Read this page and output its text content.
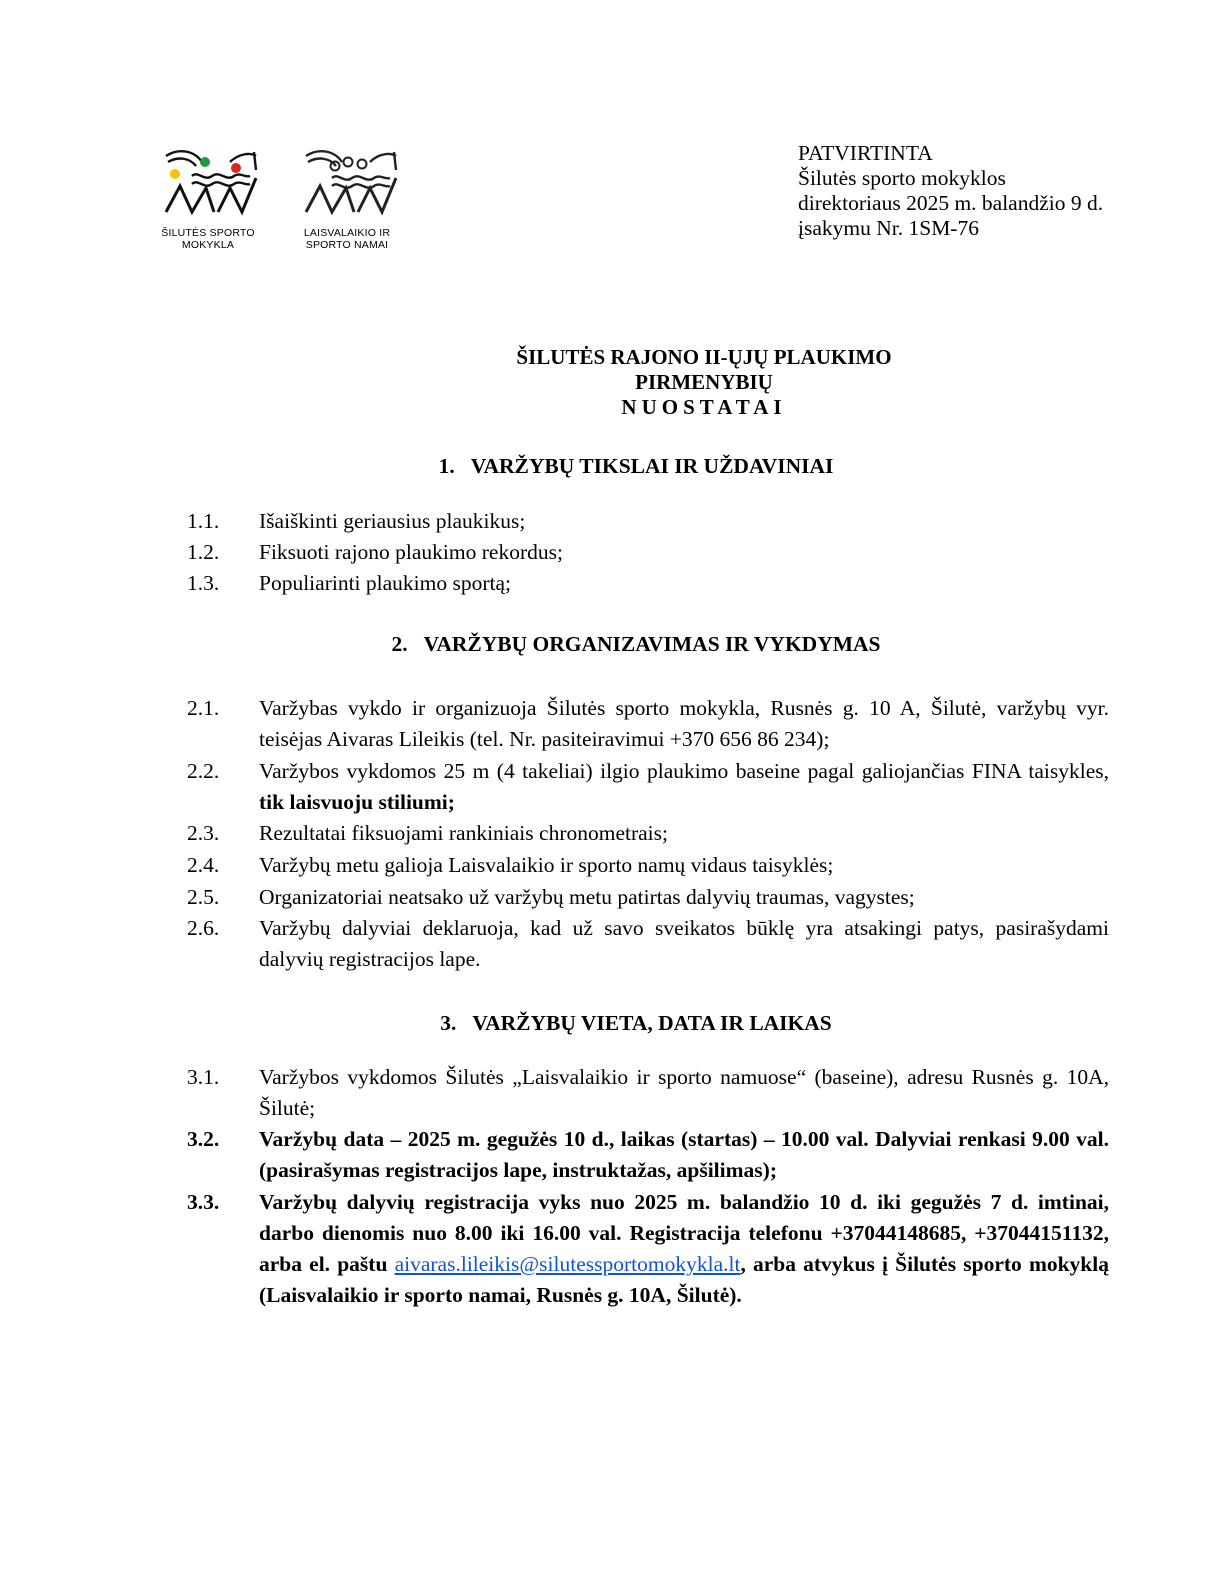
ŠILUTĖS SPORTO
MOKYKLA
LAISVALAIKIO IR
SPORTO NAMAI
PATVIRTINTA
Šilutės sporto mokyklos
direktoriaus 2025 m. balandžio 9 d.
įsakymu Nr. 1SM-76
ŠILUTĖS RAJONO II-ŲJŲ PLAUKIMO
PIRMENYBIŲ
NUOSTATAI
1. VARŽYBŲ TIKSLAI IR UŽDAVINIAI
1.1. Išaiškinti geriausius plaukikus;
1.2. Fiksuoti rajono plaukimo rekordus;
1.3. Populiarinti plaukimo sportą;
2. VARŽYBŲ ORGANIZAVIMAS IR VYKDYMAS
2.1. Varžybas vykdo ir organizuoja Šilutės sporto mokykla, Rusnės g. 10 A, Šilutė, varžybų vyr. teisėjas Aivaras Lileikis (tel. Nr. pasiteiravimui +370 656 86 234);
2.2. Varžybos vykdomos 25 m (4 takeliai) ilgio plaukimo baseine pagal galiojančias FINA taisykles, tik laisvuoju stiliumi;
2.3. Rezultatai fiksuojami rankiniais chronometrais;
2.4. Varžybų metu galioja Laisvalaikio ir sporto namų vidaus taisyklės;
2.5. Organizatoriai neatsako už varžybų metu patirtas dalyvių traumas, vagystes;
2.6. Varžybų dalyviai deklaruoja, kad už savo sveikatos būklę yra atsakingi patys, pasirašydami dalyvių registracijos lape.
3. VARŽYBŲ VIETA, DATA IR LAIKAS
3.1. Varžybos vykdomos Šilutės „Laisvalaikio ir sporto namuose“ (baseine), adresu Rusnės g. 10A, Šilutė;
3.2. Varžybų data – 2025 m. gegužės 10 d., laikas (startas) – 10.00 val. Dalyviai renkasi 9.00 val. (pasirašymas registracijos lape, instruktažas, apšilimas);
3.3. Varžybų dalyvių registracija vyks nuo 2025 m. balandžio 10 d. iki gegužės 7 d. imtinai, darbo dienomis nuo 8.00 iki 16.00 val. Registracija telefonu +37044148685, +37044151132, arba el. paštu aivaras.lileikis@silutessportomokykla.lt, arba atvykus į Šilutės sporto mokyklą (Laisvalaikio ir sporto namai, Rusnės g. 10A, Šilutė).
